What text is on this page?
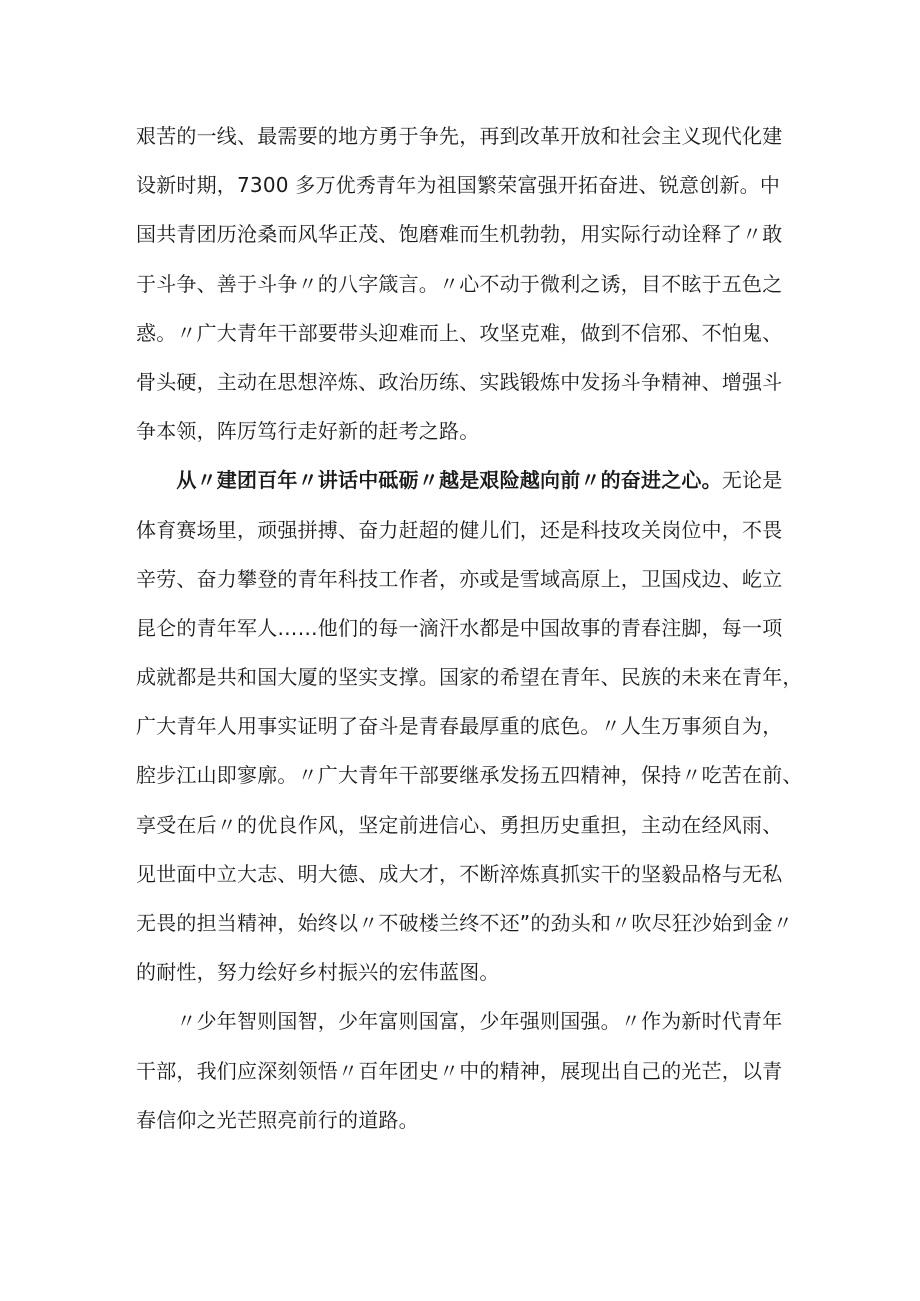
艰苦的一线、最需要的地方勇于争先，再到改革开放和社会主义现代化建
设新时期，7300 多万优秀青年为祖国繁荣富强开拓奋进、锐意创新。中
国共青团历沧桑而风华正茂、饱磨难而生机勃勃，用实际行动诠释了〃敢
于斗争、善于斗争〃的八字箴言。〃心不动于微利之诱，目不眩于五色之
惑。〃广大青年干部要带头迎难而上、攻坚克难，做到不信邪、不怕鬼、
骨头硬，主动在思想淬炼、政治历练、实践锻炼中发扬斗争精神、增强斗
争本领，阵厉笃行走好新的赶考之路。
　　从〃建团百年〃讲话中砥砺〃越是艰险越向前〃的奋进之心。无论是
体育赛场里，顽强拼搏、奋力赶超的健儿们，还是科技攻关岗位中，不畏
辛劳、奋力攀登的青年科技工作者，亦或是雪域高原上，卫国戍边、屹立
昆仑的青年军人……他们的每一滴汗水都是中国故事的青春注脚，每一项
成就都是共和国大厦的坚实支撑。国家的希望在青年、民族的未来在青年，
广大青年人用事实证明了奋斗是青春最厚重的底色。〃人生万事须自为，
腔步江山即寥廓。〃广大青年干部要继承发扬五四精神，保持〃吃苦在前、
享受在后〃的优良作风，坚定前进信心、勇担历史重担，主动在经风雨、
见世面中立大志、明大德、成大才，不断淬炼真抓实干的坚毅品格与无私
无畏的担当精神，始终以〃不破楼兰终不还”的劲头和〃吹尽狂沙始到金〃
的耐性，努力绘好乡村振兴的宏伟蓝图。
　　〃少年智则国智，少年富则国富，少年强则国强。〃作为新时代青年
干部，我们应深刻领悟〃百年团史〃中的精神，展现出自己的光芒，以青
春信仰之光芒照亮前行的道路。
